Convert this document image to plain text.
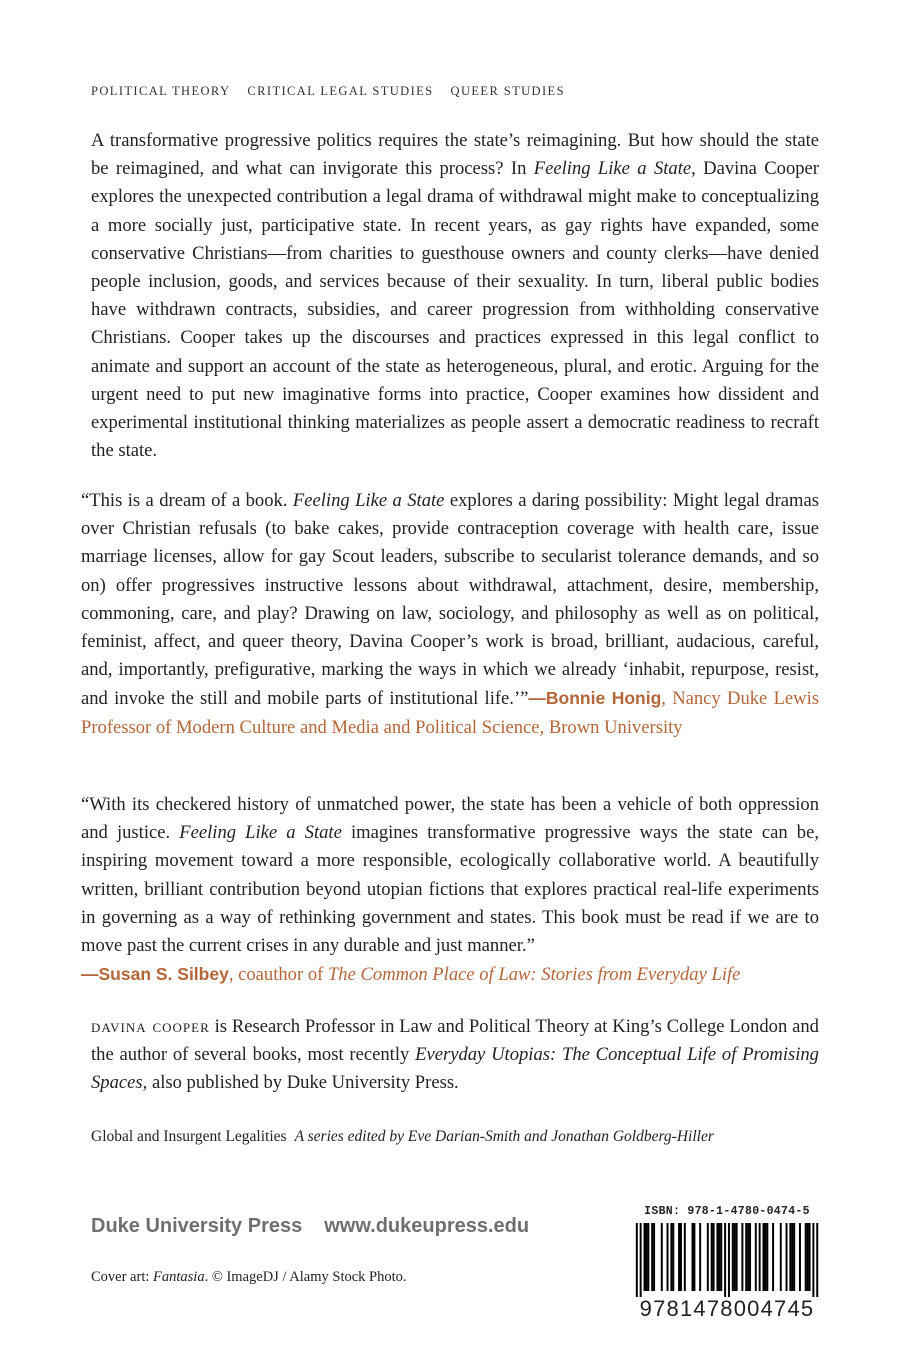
POLITICAL THEORY CRITICAL LEGAL STUDIES QUEER STUDIES

A transformative progressive politics requires the state’s reimagining. But how should the state be reimagined, and what can invigorate this process? In Feeling Like a State, Davina Cooper explores the unexpected contribution a legal drama of withdrawal might make to conceptualizing a more socially just, participative state. In recent years, as gay rights have expanded, some conservative Christians—from charities to guesthouse owners and county clerks—have denied people inclusion, goods, and services because of their sexuality. In turn, liberal public bodies have withdrawn contracts, subsidies, and career progression from withholding conservative Christians. Cooper takes up the discourses and practices expressed in this legal conflict to animate and support an account of the state as heterogeneous, plural, and erotic. Arguing for the urgent need to put new imaginative forms into practice, Cooper examines how dissident and experimental institutional thinking materializes as people assert a democratic readiness to recraft the state.

“This is a dream of a book. Feeling Like a State explores a daring possibility: Might legal dramas over Christian refusals (to bake cakes, provide contraception coverage with health care, issue marriage licenses, allow for gay Scout leaders, subscribe to secularist tolerance demands, and so on) offer progressives instructive lessons about withdrawal, attachment, desire, membership, commoning, care, and play? Drawing on law, sociology, and philosophy as well as on political, feminist, affect, and queer theory, Davina Cooper’s work is broad, brilliant, audacious, careful, and, importantly, prefigurative, marking the ways in which we already ‘inhabit, repurpose, resist, and invoke the still and mobile parts of institutional life.’”—Bonnie Honig, Nancy Duke Lewis Professor of Modern Culture and Media and Political Science, Brown University

“With its checkered history of unmatched power, the state has been a vehicle of both oppression and justice. Feeling Like a State imagines transformative progressive ways the state can be, inspiring movement toward a more responsible, ecologically collaborative world. A beautifully written, brilliant contribution beyond utopian fictions that explores practical real-life experiments in governing as a way of rethinking government and states. This book must be read if we are to move past the current crises in any durable and just manner.”
—Susan S. Silbey, coauthor of The Common Place of Law: Stories from Everyday Life

davina cooper is Research Professor in Law and Political Theory at King’s College London and the author of several books, most recently Everyday Utopias: The Conceptual Life of Promising Spaces, also published by Duke University Press.

Global and Insurgent Legalities A series edited by Eve Darian-Smith and Jonathan Goldberg-Hiller
Duke University Press www.dukeupress.edu
Cover art: Fantasia. © ImageDJ / Alamy Stock Photo.
ISBN: 978-1-4780-0474-5
9781478004745
